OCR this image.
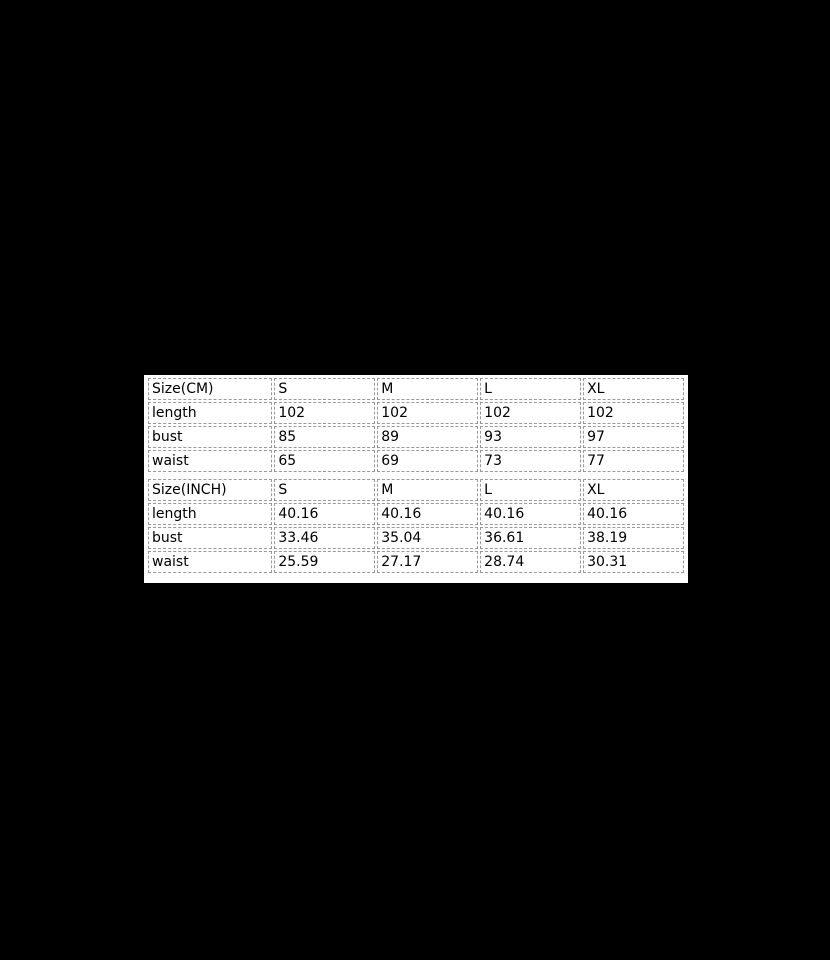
Size(CM)	S	M	L	XL
length	102	102	102	102
bust	85	89	93	97
waist	65	69	73	77
Size(INCH)	S	M	L	XL
length	40.16	40.16	40.16	40.16
bust	33.46	35.04	36.61	38.19
waist	25.59	27.17	28.74	30.31
